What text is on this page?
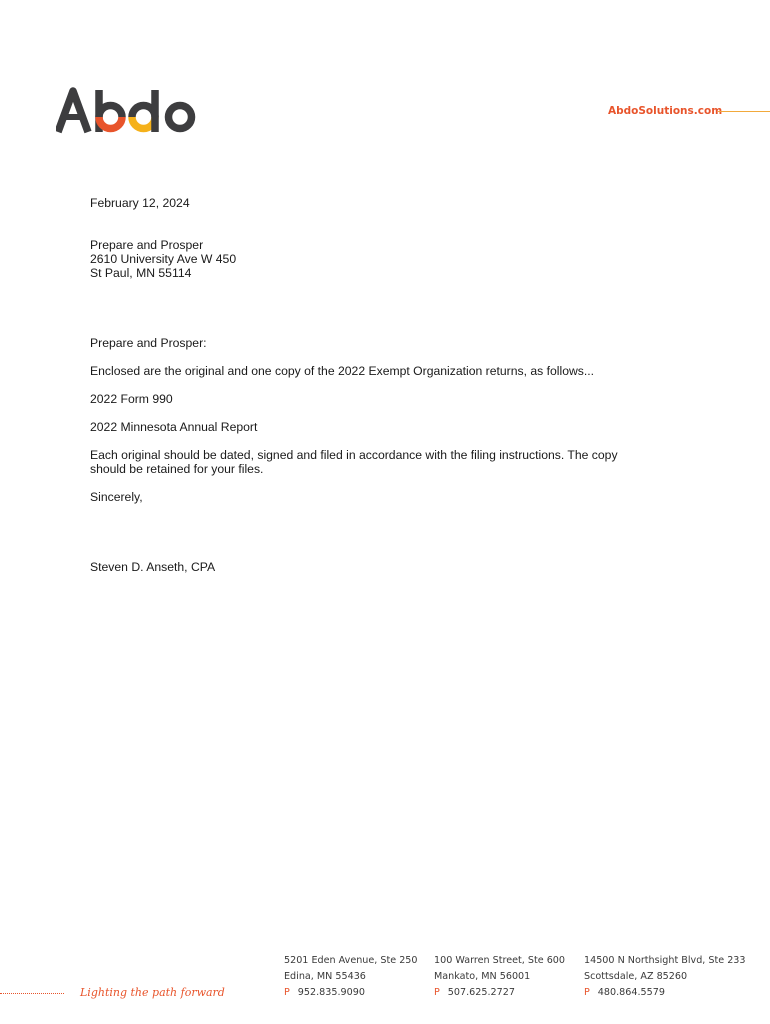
AbdoSolutions.com

February 12, 2024

Prepare and Prosper
2610 University Ave W 450
St Paul, MN 55114

Prepare and Prosper:

Enclosed are the original and one copy of the 2022 Exempt Organization returns, as follows...

2022 Form 990

2022 Minnesota Annual Report

Each original should be dated, signed and filed in accordance with the filing instructions. The copy
should be retained for your files.

Sincerely,

Steven D. Anseth, CPA

Lighting the path forward
5201 Eden Avenue, Ste 250
Edina, MN 55436
P 952.835.9090
100 Warren Street, Ste 600
Mankato, MN 56001
P 507.625.2727
14500 N Northsight Blvd, Ste 233
Scottsdale, AZ 85260
P 480.864.5579
